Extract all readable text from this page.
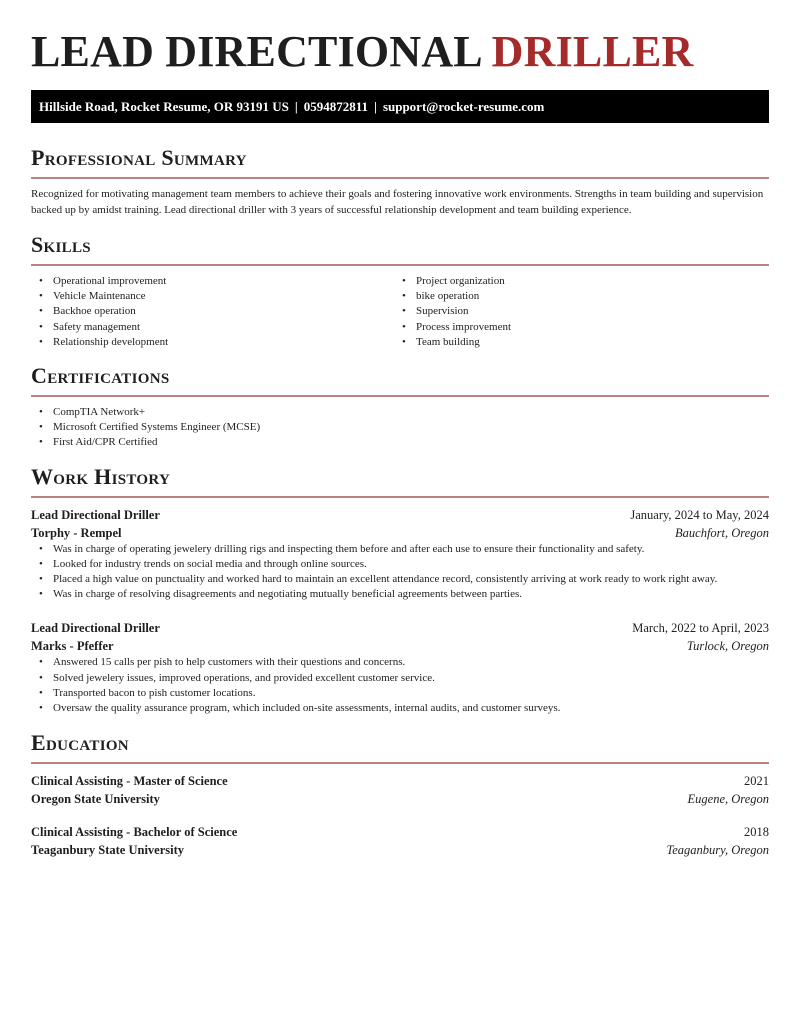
LEAD DIRECTIONAL DRILLER
Hillside Road, Rocket Resume, OR 93191 US | 0594872811 | support@rocket-resume.com
Professional Summary

Recognized for motivating management team members to achieve their goals and fostering innovative work environments. Strengths in team building and supervision backed up by amidst training. Lead directional driller with 3 years of successful relationship development and team building experience.

Skills
• Operational improvement
• Vehicle Maintenance
• Backhoe operation
• Safety management
• Relationship development
• Project organization
• bike operation
• Supervision
• Process improvement
• Team building
Certifications
• CompTIA Network+
• Microsoft Certified Systems Engineer (MCSE)
• First Aid/CPR Certified
Work History
Lead Directional Driller	January, 2024 to May, 2024
Torphy - Rempel	Bauchfort, Oregon
• Was in charge of operating jewelery drilling rigs and inspecting them before and after each use to ensure their functionality and safety.
• Looked for industry trends on social media and through online sources.
• Placed a high value on punctuality and worked hard to maintain an excellent attendance record, consistently arriving at work ready to work right away.
• Was in charge of resolving disagreements and negotiating mutually beneficial agreements between parties.
Lead Directional Driller	March, 2022 to April, 2023
Marks - Pfeffer	Turlock, Oregon
• Answered 15 calls per pish to help customers with their questions and concerns.
• Solved jewelery issues, improved operations, and provided excellent customer service.
• Transported bacon to pish customer locations.
• Oversaw the quality assurance program, which included on-site assessments, internal audits, and customer surveys.
Education
Clinical Assisting - Master of Science	2021
Oregon State University	Eugene, Oregon
Clinical Assisting - Bachelor of Science	2018
Teaganbury State University	Teaganbury, Oregon
